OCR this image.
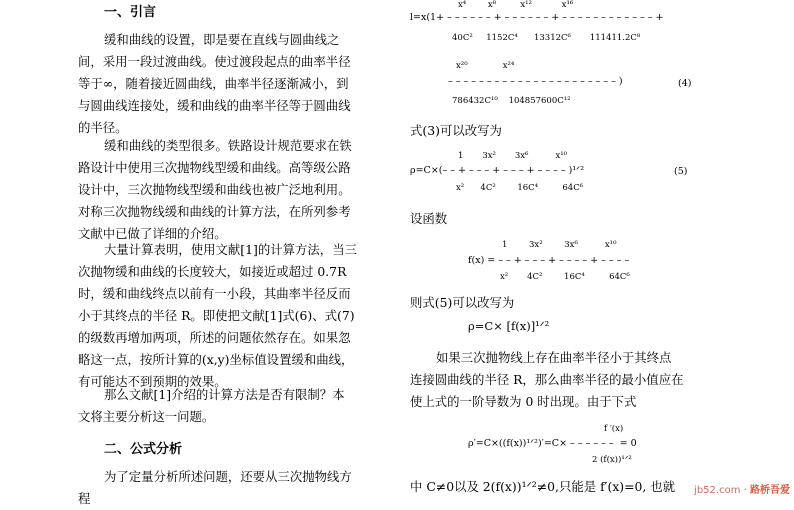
一、引言
缓和曲线的设置，即是要在直线与圆曲线之
间，采用一段过渡曲线。使过渡段起点的曲率半径
等于∞，随着接近圆曲线，曲率半径逐渐减小，到
与圆曲线连接处，缓和曲线的曲率半径等于圆曲线
的半径。
缓和曲线的类型很多。铁路设计规范要求在铁
路设计中使用三次抛物线型缓和曲线。高等级公路
设计中，三次抛物线型缓和曲线也被广泛地利用。
对称三次抛物线缓和曲线的计算方法，在所列参考
文献中已做了详细的介绍。
大量计算表明，使用文献[1]的计算方法，当三
次抛物缓和曲线的长度较大，如接近或超过 0.7R
时，缓和曲线终点以前有一小段，其曲率半径反而
小于其终点的半径 R。即使把文献[1]式(6)、式(7)
的级数再增加两项，所述的问题依然存在。如果忽
略这一点，按所计算的(x,y)坐标值设置缓和曲线，
有可能达不到预期的效果。
那么文献[1]介绍的计算方法是否有限制？本
文将主要分析这一问题。
二、公式分析
为了定量分析所述问题，还要从三次抛物线方
程
x⁴        x⁸         x¹²           x¹⁶
l=x(1+ – – – – – – + – – – – – – + – – – – – – – – – – – – +
40C²     1152C⁴      13312C⁶       111411.2C⁸
x²⁰             x²⁴
– – – – – – – – – – – – – – – – – – – – – – )	(4)
786432C¹⁰    104857600C¹²
式(3)可以改写为
1       3x²       3x⁶          x¹⁰
ρ=C×(– – + – – – + – – – + – – – – )¹ᐟ²	(5)
x²      4C²        16C⁴         64C⁶
设函数
1        3x²        3x⁶          x¹⁰
f(x) = – – + – – – + – – – – + – – – –
x²       4C²        16C⁴         64C⁶
则式(5)可以改写为
ρ=C× [f(x)]¹ᐟ²
如果三次抛物线上存在曲率半径小于其终点
连接圆曲线的半径 R，那么曲率半径的最小值应在
使上式的一阶导数为 0 时出现。由于下式
f ′(x)
ρ′=C×((f(x))¹ᐟ²)′=C× – – – – – –  = 0
2 (f(x))¹ᐟ²
中 C≠0以及 2(f(x))¹ᐟ²≠0,只能是 f′(x)=0, 也就 jb52.com · 路桥吾爱
